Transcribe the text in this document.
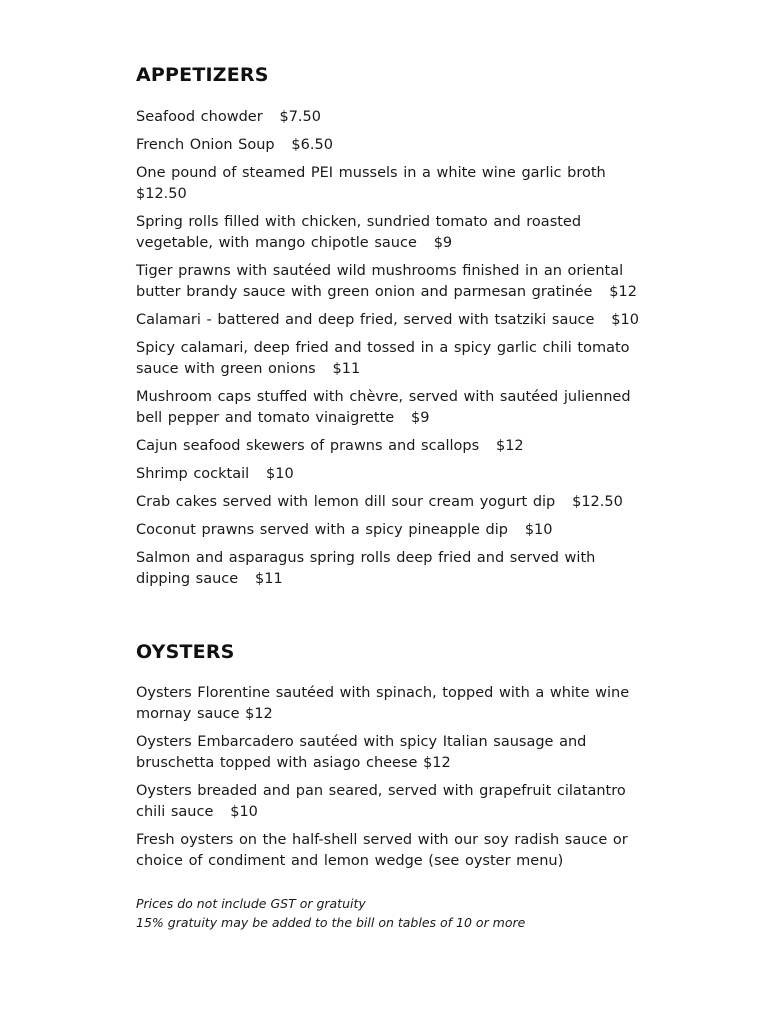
APPETIZERS
Seafood chowder $7.50
French Onion Soup $6.50
One pound of steamed PEI mussels in a white wine garlic broth
$12.50
Spring rolls filled with chicken, sundried tomato and roasted vegetable, with mango chipotle sauce $9
Tiger prawns with sautéed wild mushrooms finished in an oriental butter brandy sauce with green onion and parmesan gratinée $12
Calamari - battered and deep fried, served with tsatziki sauce $10
Spicy calamari, deep fried and tossed in a spicy garlic chili tomato sauce with green onions $11
Mushroom caps stuffed with chèvre, served with sautéed julienned bell pepper and tomato vinaigrette $9
Cajun seafood skewers of prawns and scallops $12
Shrimp cocktail $10
Crab cakes served with lemon dill sour cream yogurt dip $12.50
Coconut prawns served with a spicy pineapple dip $10
Salmon and asparagus spring rolls deep fried and served with dipping sauce $11
OYSTERS
Oysters Florentine sautéed with spinach, topped with a white wine mornay sauce $12
Oysters Embarcadero sautéed with spicy Italian sausage and bruschetta topped with asiago cheese $12
Oysters breaded and pan seared, served with grapefruit cilatantro chili sauce $10
Fresh oysters on the half-shell served with our soy radish sauce or choice of condiment and lemon wedge (see oyster menu)

Prices do not include GST or gratuity

15% gratuity may be added to the bill on tables of 10 or more
